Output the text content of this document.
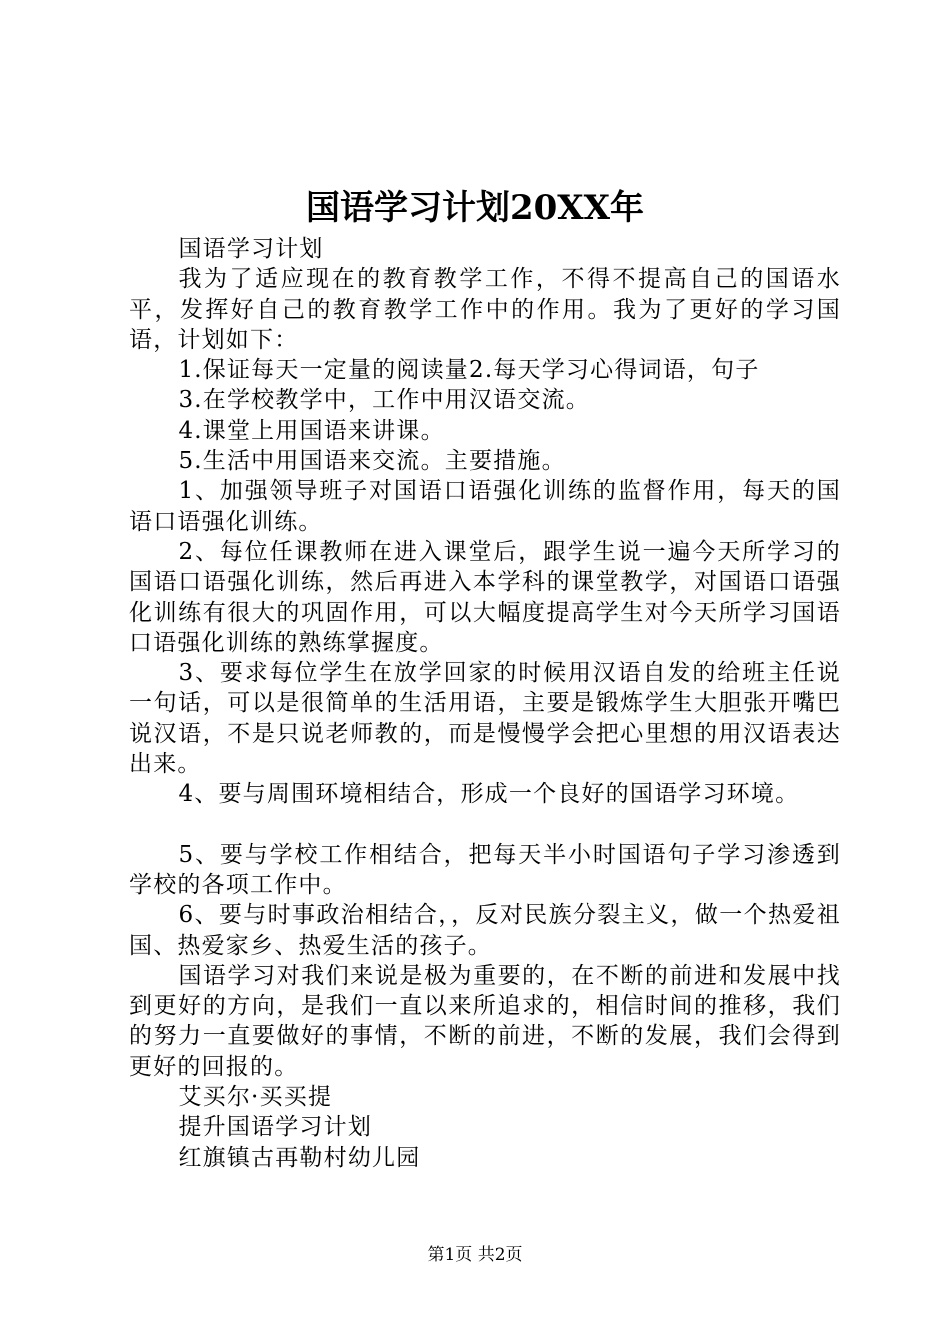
国语学习计划20XX年

国语学习计划

我为了适应现在的教育教学工作，不得不提高自己的国语水平，发挥好自己的教育教学工作中的作用。我为了更好的学习国语，计划如下：

1.保证每天一定量的阅读量2.每天学习心得词语，句子

3.在学校教学中，工作中用汉语交流。

4.课堂上用国语来讲课。

5.生活中用国语来交流。主要措施。

1、加强领导班子对国语口语强化训练的监督作用，每天的国语口语强化训练。

2、每位任课教师在进入课堂后，跟学生说一遍今天所学习的国语口语强化训练，然后再进入本学科的课堂教学，对国语口语强化训练有很大的巩固作用，可以大幅度提高学生对今天所学习国语口语强化训练的熟练掌握度。

3、要求每位学生在放学回家的时候用汉语自发的给班主任说一句话，可以是很简单的生活用语，主要是锻炼学生大胆张开嘴巴说汉语，不是只说老师教的，而是慢慢学会把心里想的用汉语表达出来。

4、要与周围环境相结合，形成一个良好的国语学习环境。

5、要与学校工作相结合，把每天半小时国语句子学习渗透到学校的各项工作中。

6、要与时事政治相结合，，反对民族分裂主义，做一个热爱祖国、热爱家乡、热爱生活的孩子。

国语学习对我们来说是极为重要的，在不断的前进和发展中找到更好的方向，是我们一直以来所追求的，相信时间的推移，我们的努力一直要做好的事情，不断的前进，不断的发展，我们会得到更好的回报的。

艾买尔·买买提

提升国语学习计划

红旗镇古再勒村幼儿园

第1页 共2页
